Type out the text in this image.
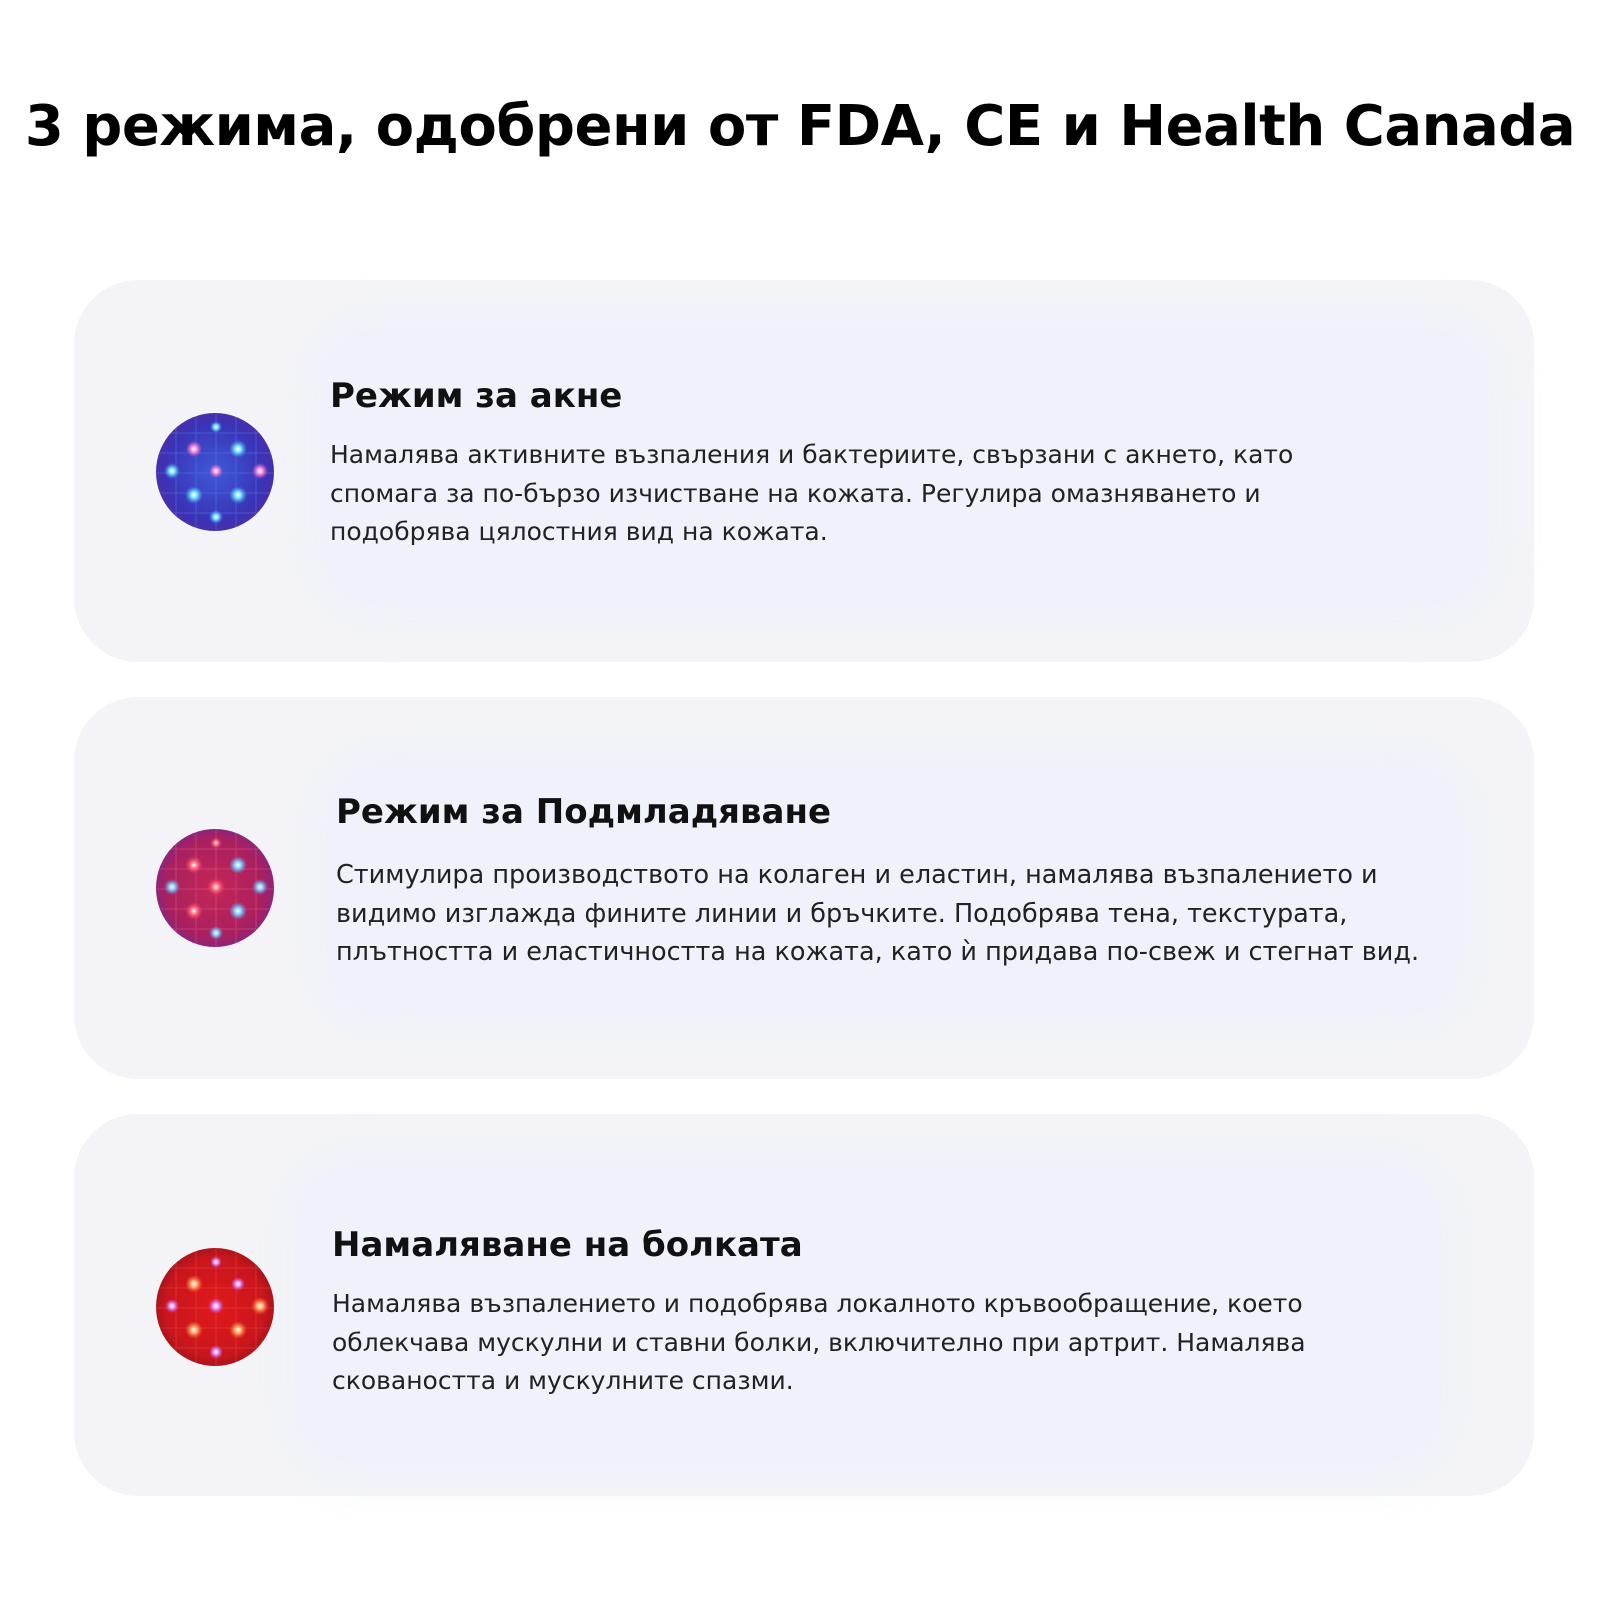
3 режима, одобрени от FDA, CE и Health Canada
Режим за акне
Намалява активните възпаления и бактериите, свързани с акнето, като
спомага за по-бързо изчистване на кожата. Регулира омазняването и
подобрява цялостния вид на кожата.
Режим за Подмладяване
Стимулира производството на колаген и еластин, намалява възпалението и
видимо изглажда фините линии и бръчките. Подобрява тена, текстурата,
плътността и еластичността на кожата, като ѝ придава по-свеж и стегнат вид.
Намаляване на болката
Намалява възпалението и подобрява локалното кръвообращение, което
облекчава мускулни и ставни болки, включително при артрит. Намалява
сковаността и мускулните спазми.
